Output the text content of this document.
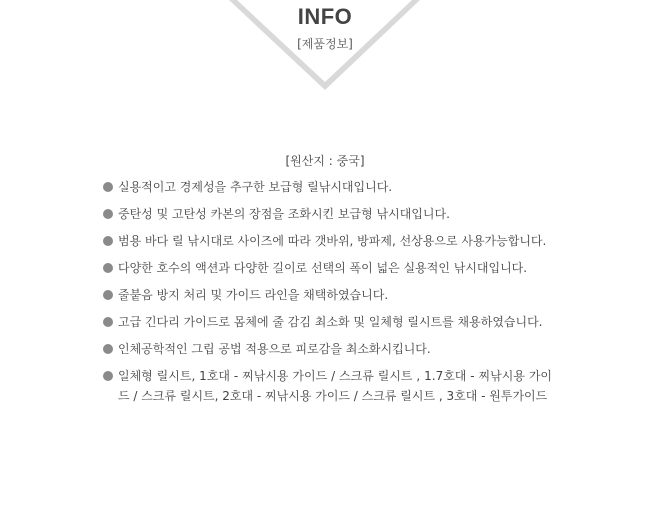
INFO
[제품정보]
[원산지 : 중국]
실용적이고 경제성을 추구한 보급형 릴낚시대입니다.
중탄성 및 고탄성 카본의 장점을 조화시킨 보급형 낚시대입니다.
범용 바다 릴 낚시대로 사이즈에 따라 갯바위, 방파제, 선상용으로 사용가능합니다.
다양한 호수의 액션과 다양한 길이로 선택의 폭이 넓은 실용적인 낚시대입니다.
줄붙음 방지 처리 및 가이드 라인을 채택하였습니다.
고급 긴다리 가이드로 몸체에 줄 감김 최소화 및 일체형 릴시트를 채용하였습니다.
인체공학적인 그립 공법 적용으로 피로감을 최소화시킵니다.
일체형 릴시트, 1호대 - 찌낚시용 가이드 / 스크류 릴시트 , 1.7호대 - 찌낚시용 가이드 / 스크류 릴시트, 2호대 - 찌낚시용 가이드 / 스크류 릴시트 , 3호대 - 원투가이드
